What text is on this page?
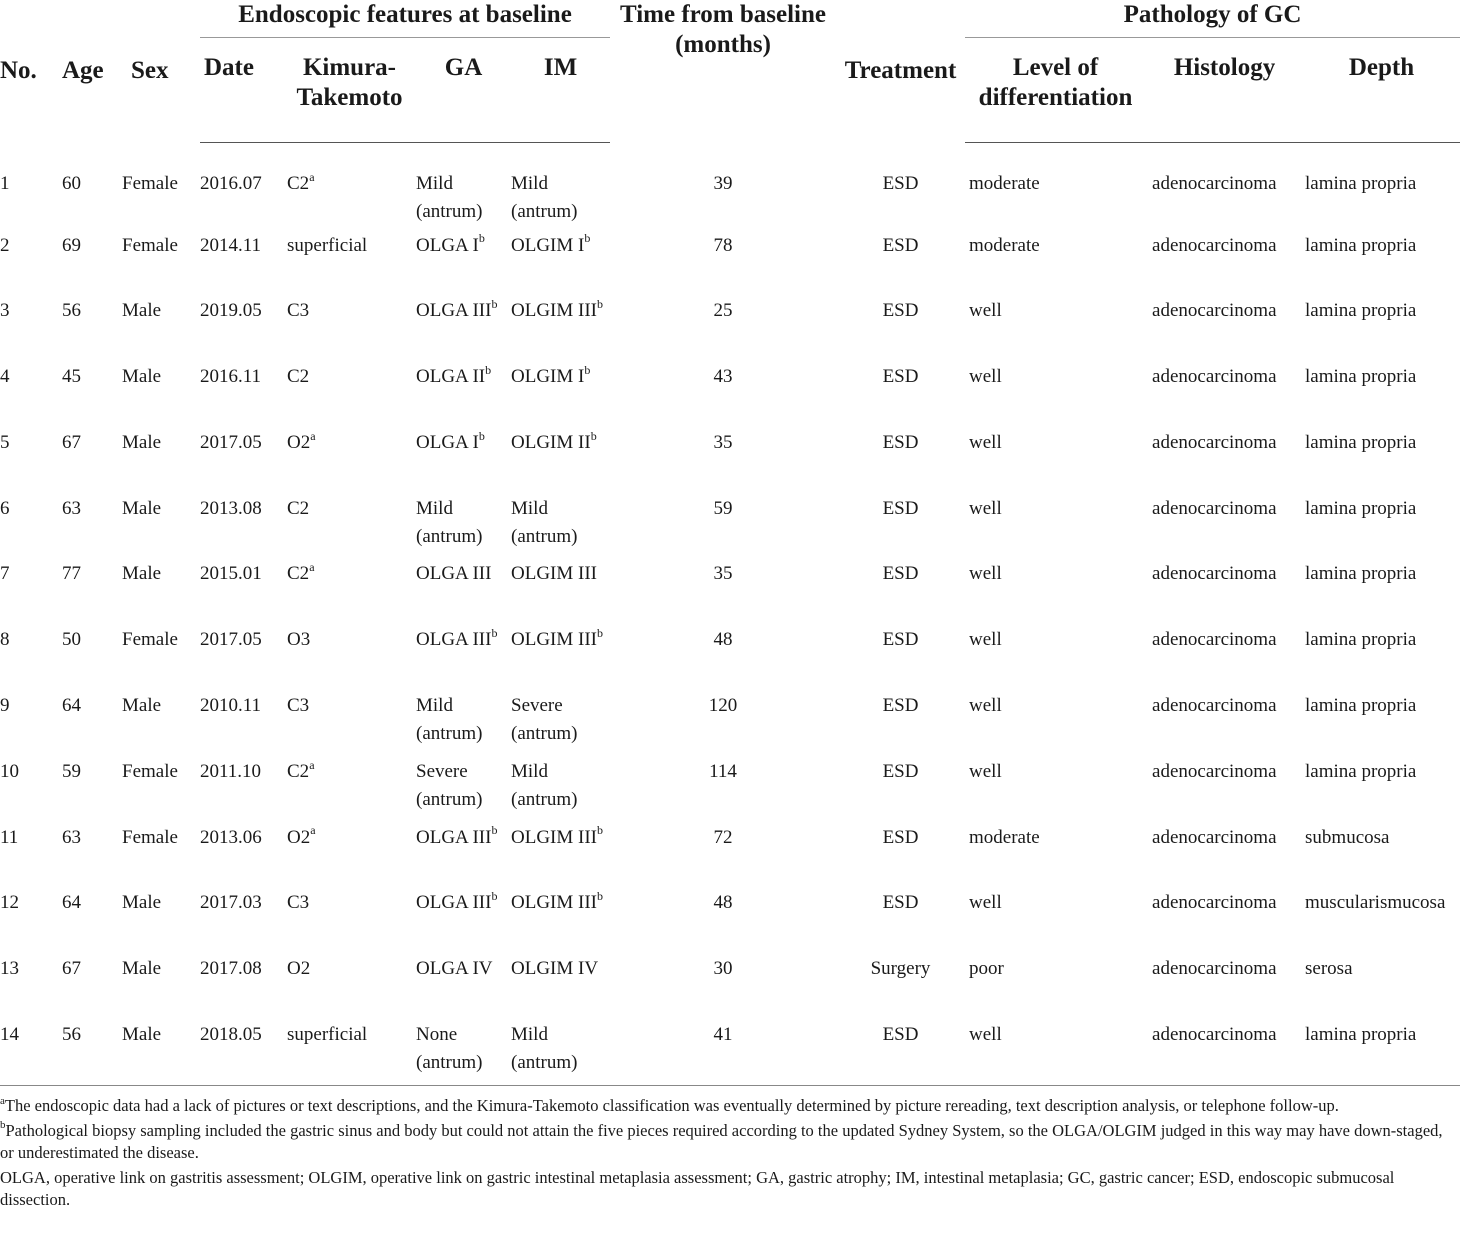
No.	Age	Sex	Endoscopic features at baseline				Time from baseline (months)	Treatment	Pathology of GC		
			Date	Kimura-Takemoto	GA	IM			Level of differentiation	Histology	Depth
1	60	Female	2016.07	C2$^a$	Mild (antrum)	Mild (antrum)	39	ESD	moderate	adenocarcinoma	lamina propria
2	69	Female	2014.11	superficial	OLGA $I^b$	OLGIM $I^b$	78	ESD	moderate	adenocarcinoma	lamina propria
3	56	Male	2019.05	C3	OLGA III$^b$	OLGIM III$^b$	25	ESD	well	adenocarcinoma	lamina propria
4	45	Male	2016.11	C2	OLGA $II^b$	OLGIM $I^b$	43	ESD	well	adenocarcinoma	lamina propria
5	67	Male	2017.05	O2$^a$	OLGA $I^b$	OLGIM $II^b$	35	ESD	well	adenocarcinoma	lamina propria
6	63	Male	2013.08	C2	Mild (antrum)	Mild (antrum)	59	ESD	well	adenocarcinoma	lamina propria
7	77	Male	2015.01	C2$^a$	OLGA III	OLGIM III	35	ESD	well	adenocarcinoma	lamina propria
8	50	Female	2017.05	O3	OLGA III$^b$	OLGIM III$^b$	48	ESD	well	adenocarcinoma	lamina propria
9	64	Male	2010.11	C3	Mild (antrum)	Severe (antrum)	120	ESD	well	adenocarcinoma	lamina propria
10	59	Female	2011.10	C2$^a$	Severe (antrum)	Mild (antrum)	114	ESD	well	adenocarcinoma	lamina propria
11	63	Female	2013.06	O2$^a$	OLGA III$^b$	OLGIM III$^b$	72	ESD	moderate	adenocarcinoma	submucosa
12	64	Male	2017.03	C3	OLGA III$^b$	OLGIM III$^b$	48	ESD	well	adenocarcinoma	muscularismucosa
13	67	Male	2017.08	O2	OLGA IV	OLGIM IV	30	Surgery	poor	adenocarcinoma	serosa
14	56	Male	2018.05	superficial	None (antrum)	Mild (antrum)	41	ESD	well	adenocarcinoma	lamina propria

$^a$The endoscopic data had a lack of pictures or text descriptions, and the Kimura-Takemoto classification was eventually determined by picture rereading, text description analysis, or telephone follow-up.

$^b$Pathological biopsy sampling included the gastric sinus and body but could not attain the five pieces required according to the updated Sydney System, so the OLGA/OLGIM judged in this way may have down-staged, or underestimated the disease.

OLGA, operative link on gastritis assessment; OLGIM, operative link on gastric intestinal metaplasia assessment; GA, gastric atrophy; IM, intestinal metaplasia; GC, gastric cancer; ESD, endoscopic submucosal dissection.
